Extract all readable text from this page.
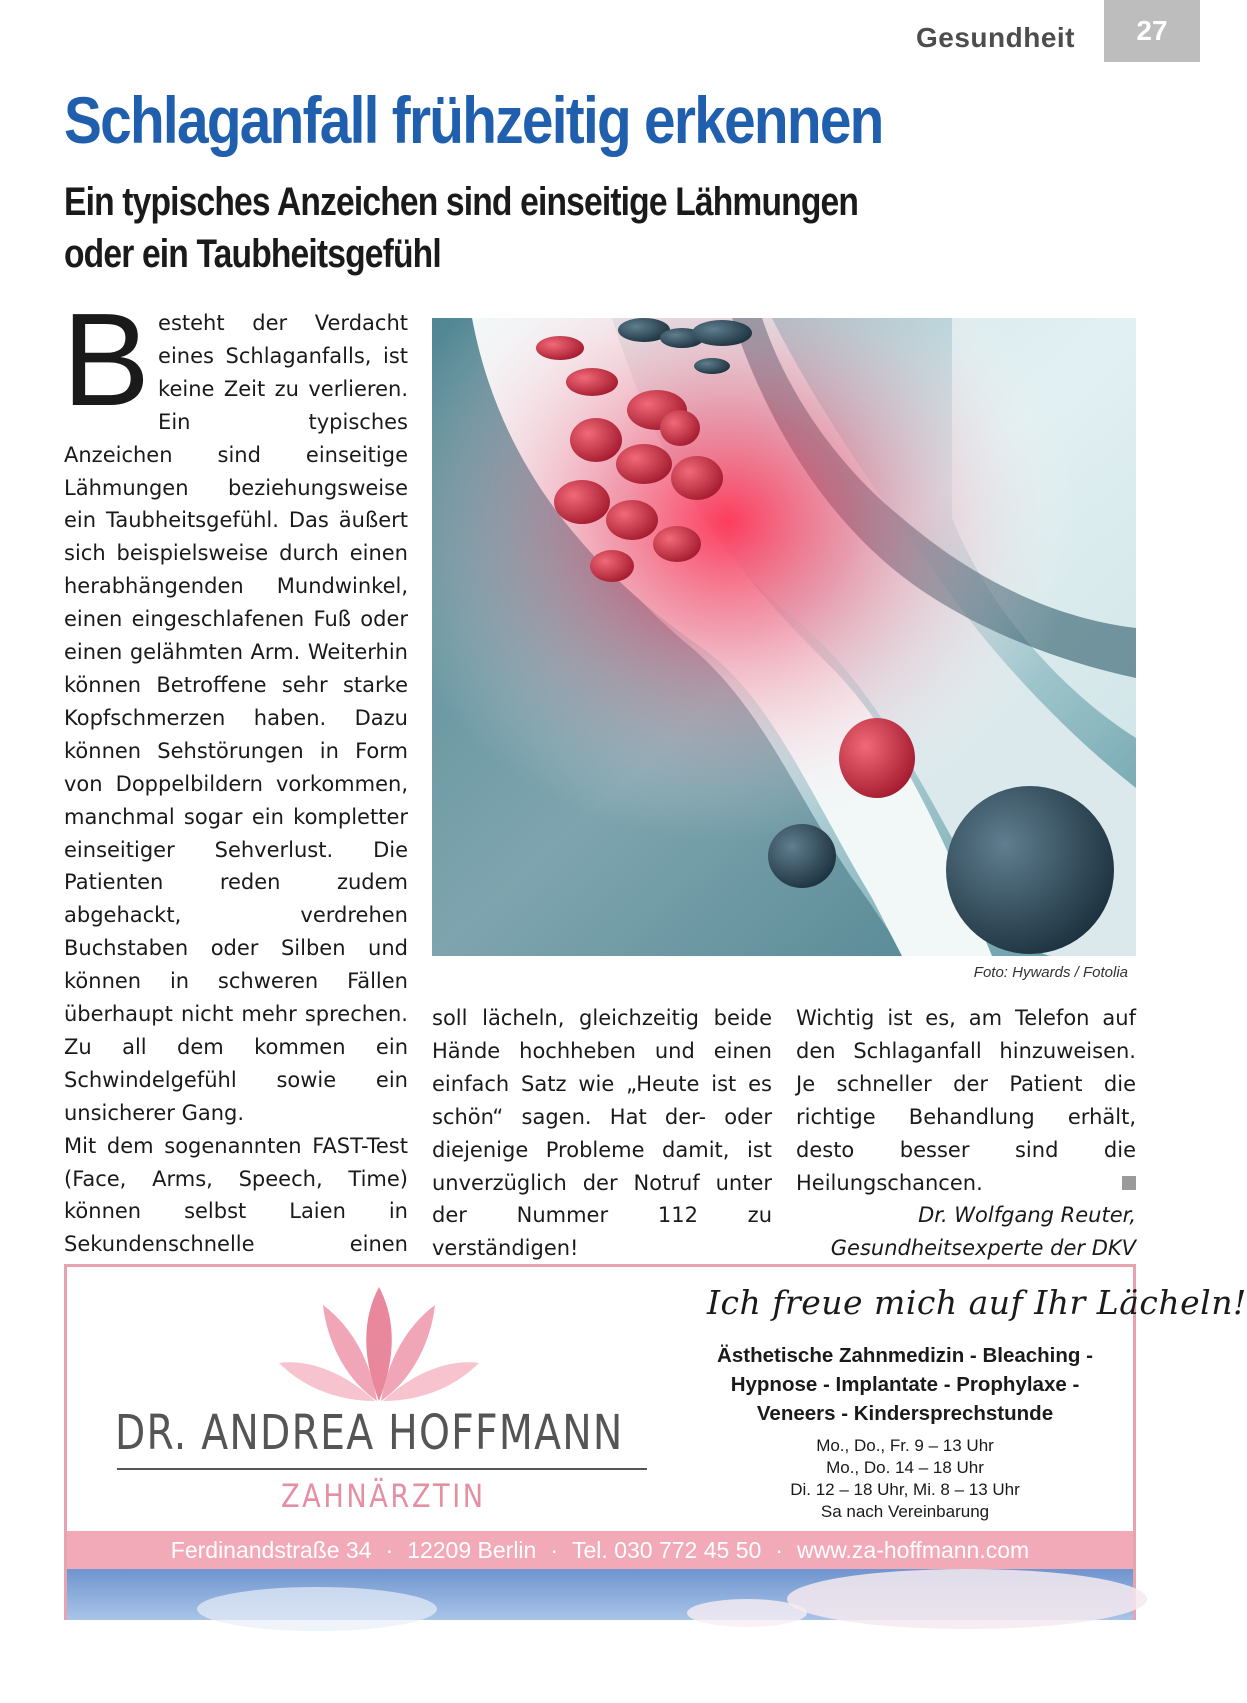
Gesundheit	27
Schlaganfall frühzeitig erkennen
Ein typisches Anzeichen sind einseitige Lähmungen oder ein Taubheitsgefühl
B esteht der Verdacht eines Schlaganfalls, ist keine Zeit zu verlieren. Ein typisches Anzeichen sind einseitige Lähmungen beziehungsweise ein Taubheitsgefühl. Das äußert sich beispielsweise durch einen herabhängenden Mundwinkel, einen eingeschlafenen Fuß oder einen gelähmten Arm. Weiterhin können Betroffene sehr starke Kopfschmerzen haben. Dazu können Sehstörungen in Form von Doppelbildern vorkommen, manchmal sogar ein kompletter einseitiger Sehverlust. Die Patienten reden zudem abgehackt, verdrehen Buchstaben oder Silben und können in schweren Fällen überhaupt nicht mehr sprechen. Zu all dem kommen ein Schwindelgefühl sowie ein unsicherer Gang.

Mit dem sogenannten FAST-Test (Face, Arms, Speech, Time) können selbst Laien in Sekundenschnelle einen

Foto: Hywards / Fotolia

soll lächeln, gleichzeitig beide Hände hochheben und einen einfach Satz wie „Heute ist es schön“ sagen. Hat der- oder diejenige Probleme damit, ist unverzüglich der Notruf unter der Nummer 112 zu verständigen!

Wichtig ist es, am Telefon auf den Schlaganfall hinzuweisen. Je schneller der Patient die richtige Behandlung erhält, desto besser sind die Heilungschancen.

Dr. Wolfgang Reuter,

Gesundheitsexperte der DKV

Ich freue mich auf Ihr Lächeln!
Ästhetische Zahnmedizin - Bleaching -
Hypnose - Implantate - Prophylaxe -
Veneers - Kindersprechstunde
Mo., Do., Fr. 9 – 13 Uhr
Mo., Do. 14 – 18 Uhr
Di. 12 – 18 Uhr, Mi. 8 – 13 Uhr
Sa nach Vereinbarung
DR. ANDREA HOFFMANN
ZAHNÄRZTIN
Ferdinandstraße 34 · 12209 Berlin · Tel. 030 772 45 50 · www.za-hoffmann.com
